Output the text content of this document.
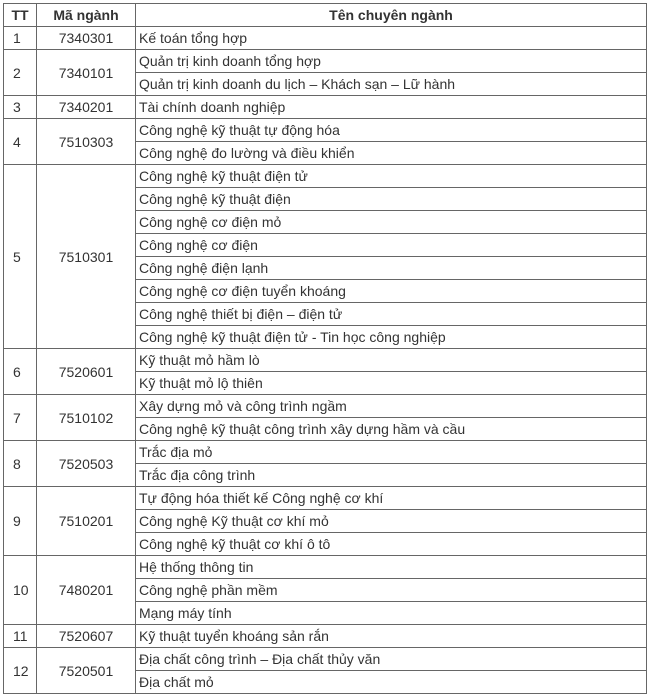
TT	Mã ngành	Tên chuyên ngành
1	7340301	Kế toán tổng hợp
2	7340101	Quản trị kinh doanh tổng hợp
		Quản trị kinh doanh du lịch – Khách sạn – Lữ hành
3	7340201	Tài chính doanh nghiệp
4	7510303	Công nghệ kỹ thuật tự động hóa
		Công nghệ đo lường và điều khiển
5	7510301	Công nghệ kỹ thuật điện tử
		Công nghệ kỹ thuật điện
		Công nghệ cơ điện mỏ
		Công nghệ cơ điện
		Công nghệ điện lạnh
		Công nghệ cơ điện tuyển khoáng
		Công nghệ thiết bị điện – điện tử
		Công nghệ kỹ thuật điện tử - Tin học công nghiệp
6	7520601	Kỹ thuật mỏ hầm lò
		Kỹ thuật mỏ lộ thiên
7	7510102	Xây dựng mỏ và công trình ngầm
		Công nghệ kỹ thuật công trình xây dựng hầm và cầu
8	7520503	Trắc địa mỏ
		Trắc địa công trình
9	7510201	Tự động hóa thiết kế Công nghệ cơ khí
		Công nghệ Kỹ thuật cơ khí mỏ
		Công nghệ kỹ thuật cơ khí ô tô
10	7480201	Hệ thống thông tin
		Công nghệ phần mềm
		Mạng máy tính
11	7520607	Kỹ thuật tuyển khoáng sản rắn
12	7520501	Địa chất công trình – Địa chất thủy văn
		Địa chất mỏ
